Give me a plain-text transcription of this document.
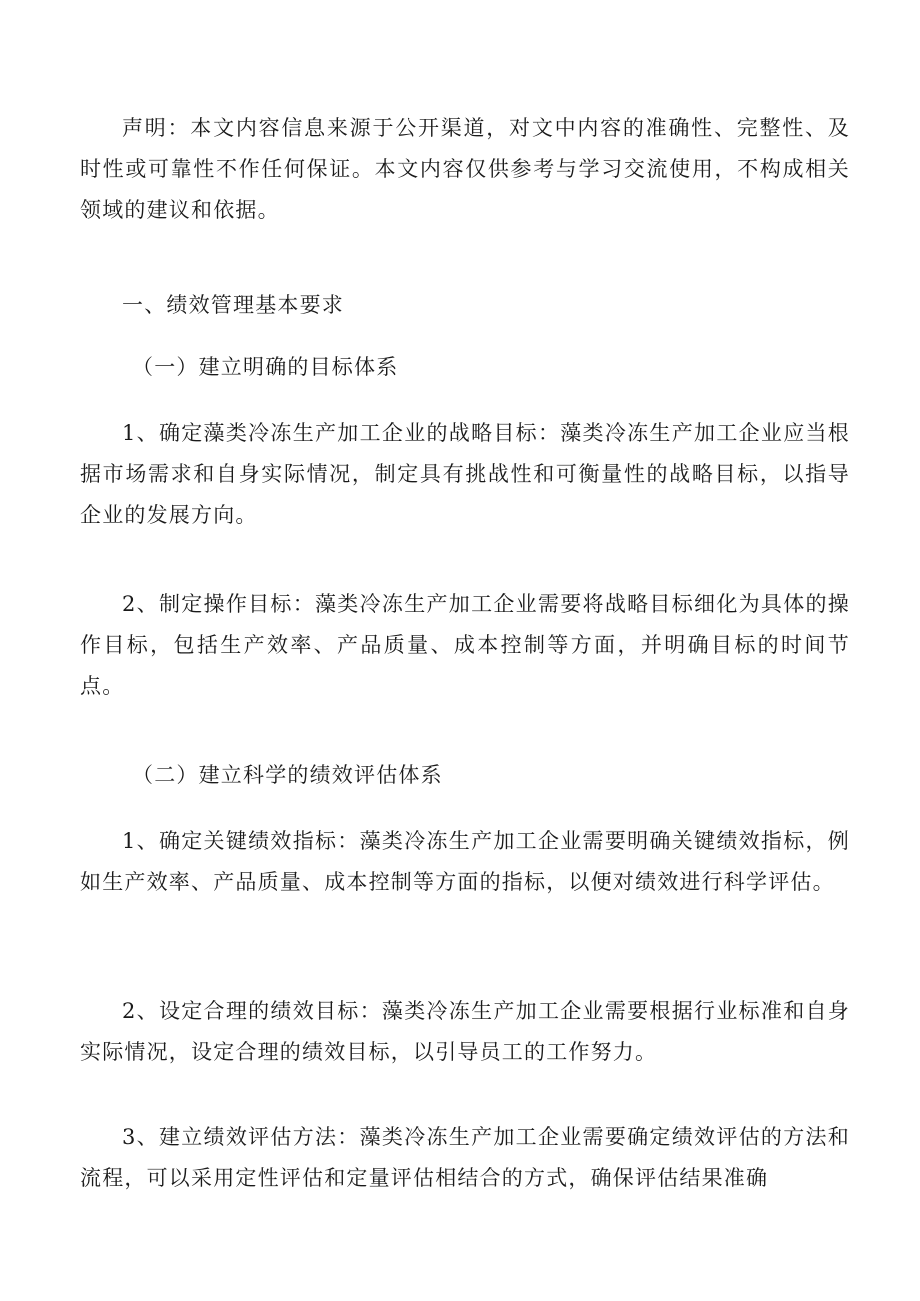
声明：本文内容信息来源于公开渠道，对文中内容的准确性、完整性、及时性或可靠性不作任何保证。本文内容仅供参考与学习交流使用，不构成相关领域的建议和依据。

一、绩效管理基本要求
（一）建立明确的目标体系

1、确定藻类冷冻生产加工企业的战略目标：藻类冷冻生产加工企业应当根据市场需求和自身实际情况，制定具有挑战性和可衡量性的战略目标，以指导企业的发展方向。

2、制定操作目标：藻类冷冻生产加工企业需要将战略目标细化为具体的操作目标，包括生产效率、产品质量、成本控制等方面，并明确目标的时间节点。

（二）建立科学的绩效评估体系

1、确定关键绩效指标：藻类冷冻生产加工企业需要明确关键绩效指标，例如生产效率、产品质量、成本控制等方面的指标，以便对绩效进行科学评估。

2、设定合理的绩效目标：藻类冷冻生产加工企业需要根据行业标准和自身实际情况，设定合理的绩效目标，以引导员工的工作努力。

3、建立绩效评估方法：藻类冷冻生产加工企业需要确定绩效评估的方法和流程，可以采用定性评估和定量评估相结合的方式，确保评估结果准确
